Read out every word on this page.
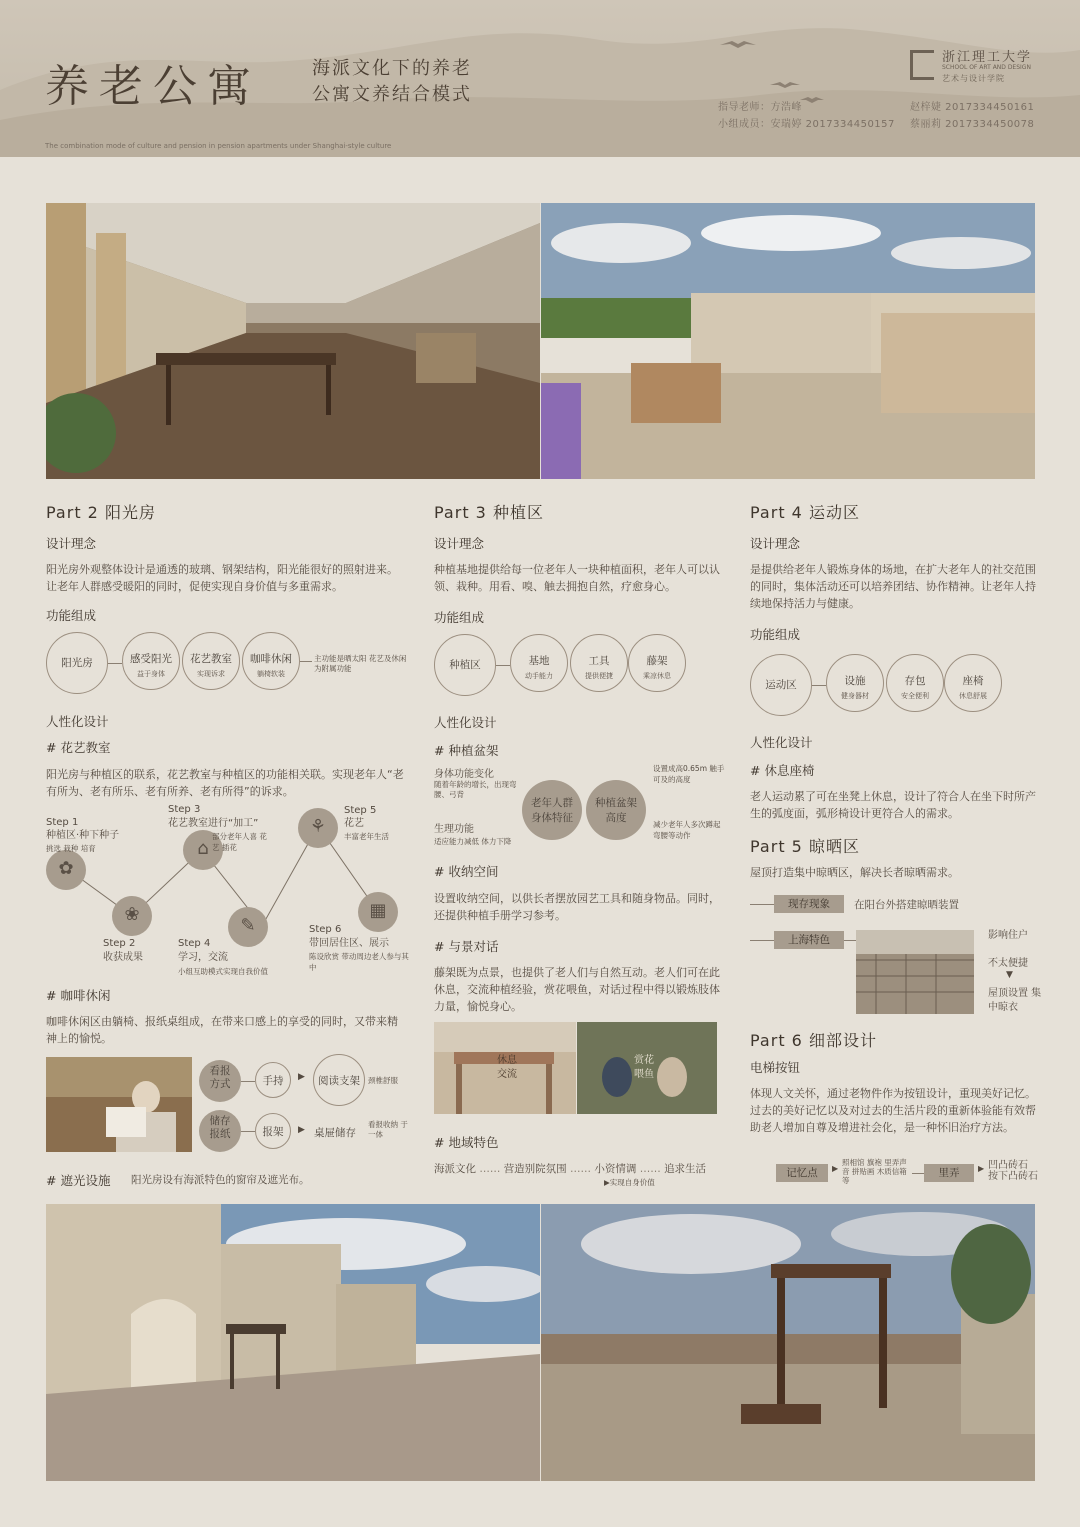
养老公寓	海派文化下的养老
公寓文养结合模式
The combination mode of culture and pension in pension apartments under Shanghai-style culture
指导老师：方浩峰
小组成员：安瑞婷 2017334450157
赵梓婕 2017334450161
蔡丽莉 2017334450078
浙江理工大学
SCHOOL OF ART AND DESIGN
艺术与设计学院
Part 2 阳光房
设计理念
阳光房外观整体设计是通透的玻璃、钢架结构，阳光能很好的照射进来。让老年人群感受暖阳的同时，促使实现自身价值与多重需求。
功能组成
阳光房	感受阳光
益于身体
花艺教室
实现诉求
咖啡休闲
躺椅软装
主功能是晒太阳 花艺及休闲为附属功能
人性化设计
# 花艺教室
阳光房与种植区的联系，花艺教室与种植区的功能相关联。实现老年人“老有所为、老有所乐、老有所养、老有所得”的诉求。
✿
❀
⌂
✎
⚘
▦
Step 1
种植区·种下种子
挑选 栽种 培育
Step 2
收获成果
Step 3
花艺教室进行“加工”
部分老年人喜 花艺 插花
Step 4
学习，交流
小组互助模式实现自我价值
Step 5
花艺
丰富老年生活
Step 6
带回居住区、展示
陈设欣赏 带动周边老人参与其中
# 咖啡休闲
咖啡休闲区由躺椅、报纸桌组成，在带来口感上的享受的同时，又带来精神上的愉悦。
看报 方式	手持	▶	阅读支架	颈椎舒服
储存 报纸	报架	▶ 桌屉储存
看报收纳 于一体
# 遮光设施 阳光房设有海派特色的窗帘及遮光布。
Part 3 种植区
设计理念
种植基地提供给每一位老年人一块种植面积，老年人可以认领、栽种。用看、嗅、触去拥抱自然，疗愈身心。
功能组成
种植区	基地
动手能力
工具
提供便捷
藤架
乘凉休息
人性化设计
# 种植盆架
身体功能变化
随着年龄的增长，出现弯腰、弓背
生理功能
适应能力减低 体力下降
老年人群 身体特征
种植盆架 高度
设置成高0.65m 触手可及的高度
减少老年人多次蹲起 弯腰等动作
# 收纳空间
设置收纳空间，以供长者摆放园艺工具和随身物品。同时，还提供种植手册学习参考。
# 与景对话
藤架既为点景，也提供了老人们与自然互动。老人们可在此休息，交流种植经验，赏花喂鱼，对话过程中得以锻炼肢体力量，愉悦身心。
休息 交流
赏花 喂鱼
# 地域特色
海派文化 …… 营造别院氛围 …… 小资情调 …… 追求生活
▶实现自身价值
Part 4 运动区
设计理念
是提供给老年人锻炼身体的场地，在扩大老年人的社交范围的同时，集体活动还可以培养团结、协作精神。让老年人持续地保持活力与健康。
功能组成
运动区	设施
健身器材
存包
安全便利
座椅
休息舒展
人性化设计
# 休息座椅
老人运动累了可在坐凳上休息，设计了符合人在坐下时所产生的弧度面，弧形椅设计更符合人的需求。
Part 5 晾晒区
屋顶打造集中晾晒区，解决长者晾晒需求。
现存现象	在阳台外搭建晾晒装置
上海特色	影响住户
不太便捷
▼
屋顶设置 集中晾衣
Part 6 细部设计
电梯按钮
体现人文关怀，通过老物件作为按钮设计，重现美好记忆。过去的美好记忆以及对过去的生活片段的重新体验能有效帮助老人增加自尊及增进社会化，是一种怀旧治疗方法。
记忆点	▶
照相馆 旗袍 里弄声音 拼贴画 木质信箱等
里弄	▶ 凹凸砖石 按下凸砖石
